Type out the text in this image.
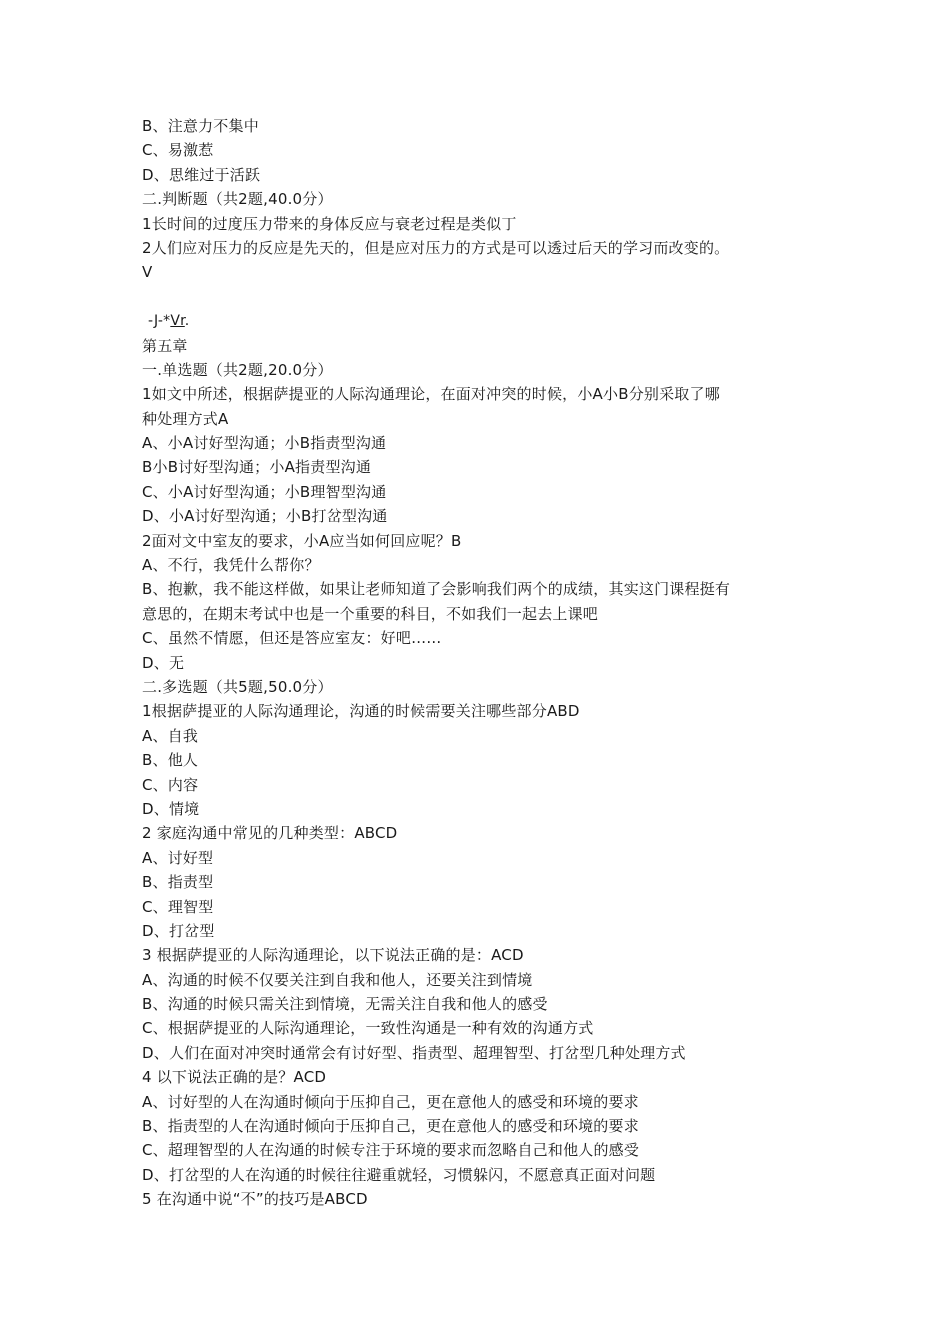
B、注意力不集中
C、易激惹
D、思维过于活跃
二.判断题（共2题,40.0分）
1长时间的过度压力带来的身体反应与衰老过程是类似丁
2人们应对压力的反应是先天的，但是应对压力的方式是可以透过后天的学习而改变的。
V
-J-*Vr.
第五章
一.单选题（共2题,20.0分）
1如文中所述，根据萨提亚的人际沟通理论，在面对冲突的时候，小A小B分别采取了哪
种处理方式A
A、小A讨好型沟通；小B指责型沟通
B小B讨好型沟通；小A指责型沟通
C、小A讨好型沟通；小B理智型沟通
D、小A讨好型沟通；小B打岔型沟通
2面对文中室友的要求，小A应当如何回应呢？B
A、不行，我凭什么帮你？
B、抱歉，我不能这样做，如果让老师知道了会影响我们两个的成绩，其实这门课程挺有
意思的，在期末考试中也是一个重要的科目，不如我们一起去上课吧
C、虽然不情愿，但还是答应室友：好吧……
D、无
二.多选题（共5题,50.0分）
1根据萨提亚的人际沟通理论，沟通的时候需要关注哪些部分ABD
A、自我
B、他人
C、内容
D、情境
2 家庭沟通中常见的几种类型：ABCD
A、讨好型
B、指责型
C、理智型
D、打岔型
3 根据萨提亚的人际沟通理论，以下说法正确的是：ACD
A、沟通的时候不仅要关注到自我和他人，还要关注到情境
B、沟通的时候只需关注到情境，无需关注自我和他人的感受
C、根据萨提亚的人际沟通理论，一致性沟通是一种有效的沟通方式
D、人们在面对冲突时通常会有讨好型、指责型、超理智型、打岔型几种处理方式
4 以下说法正确的是？ACD
A、讨好型的人在沟通时倾向于压抑自己，更在意他人的感受和环境的要求
B、指责型的人在沟通时倾向于压抑自己，更在意他人的感受和环境的要求
C、超理智型的人在沟通的时候专注于环境的要求而忽略自己和他人的感受
D、打岔型的人在沟通的时候往往避重就轻，习惯躲闪，不愿意真正面对问题
5 在沟通中说“不”的技巧是ABCD
